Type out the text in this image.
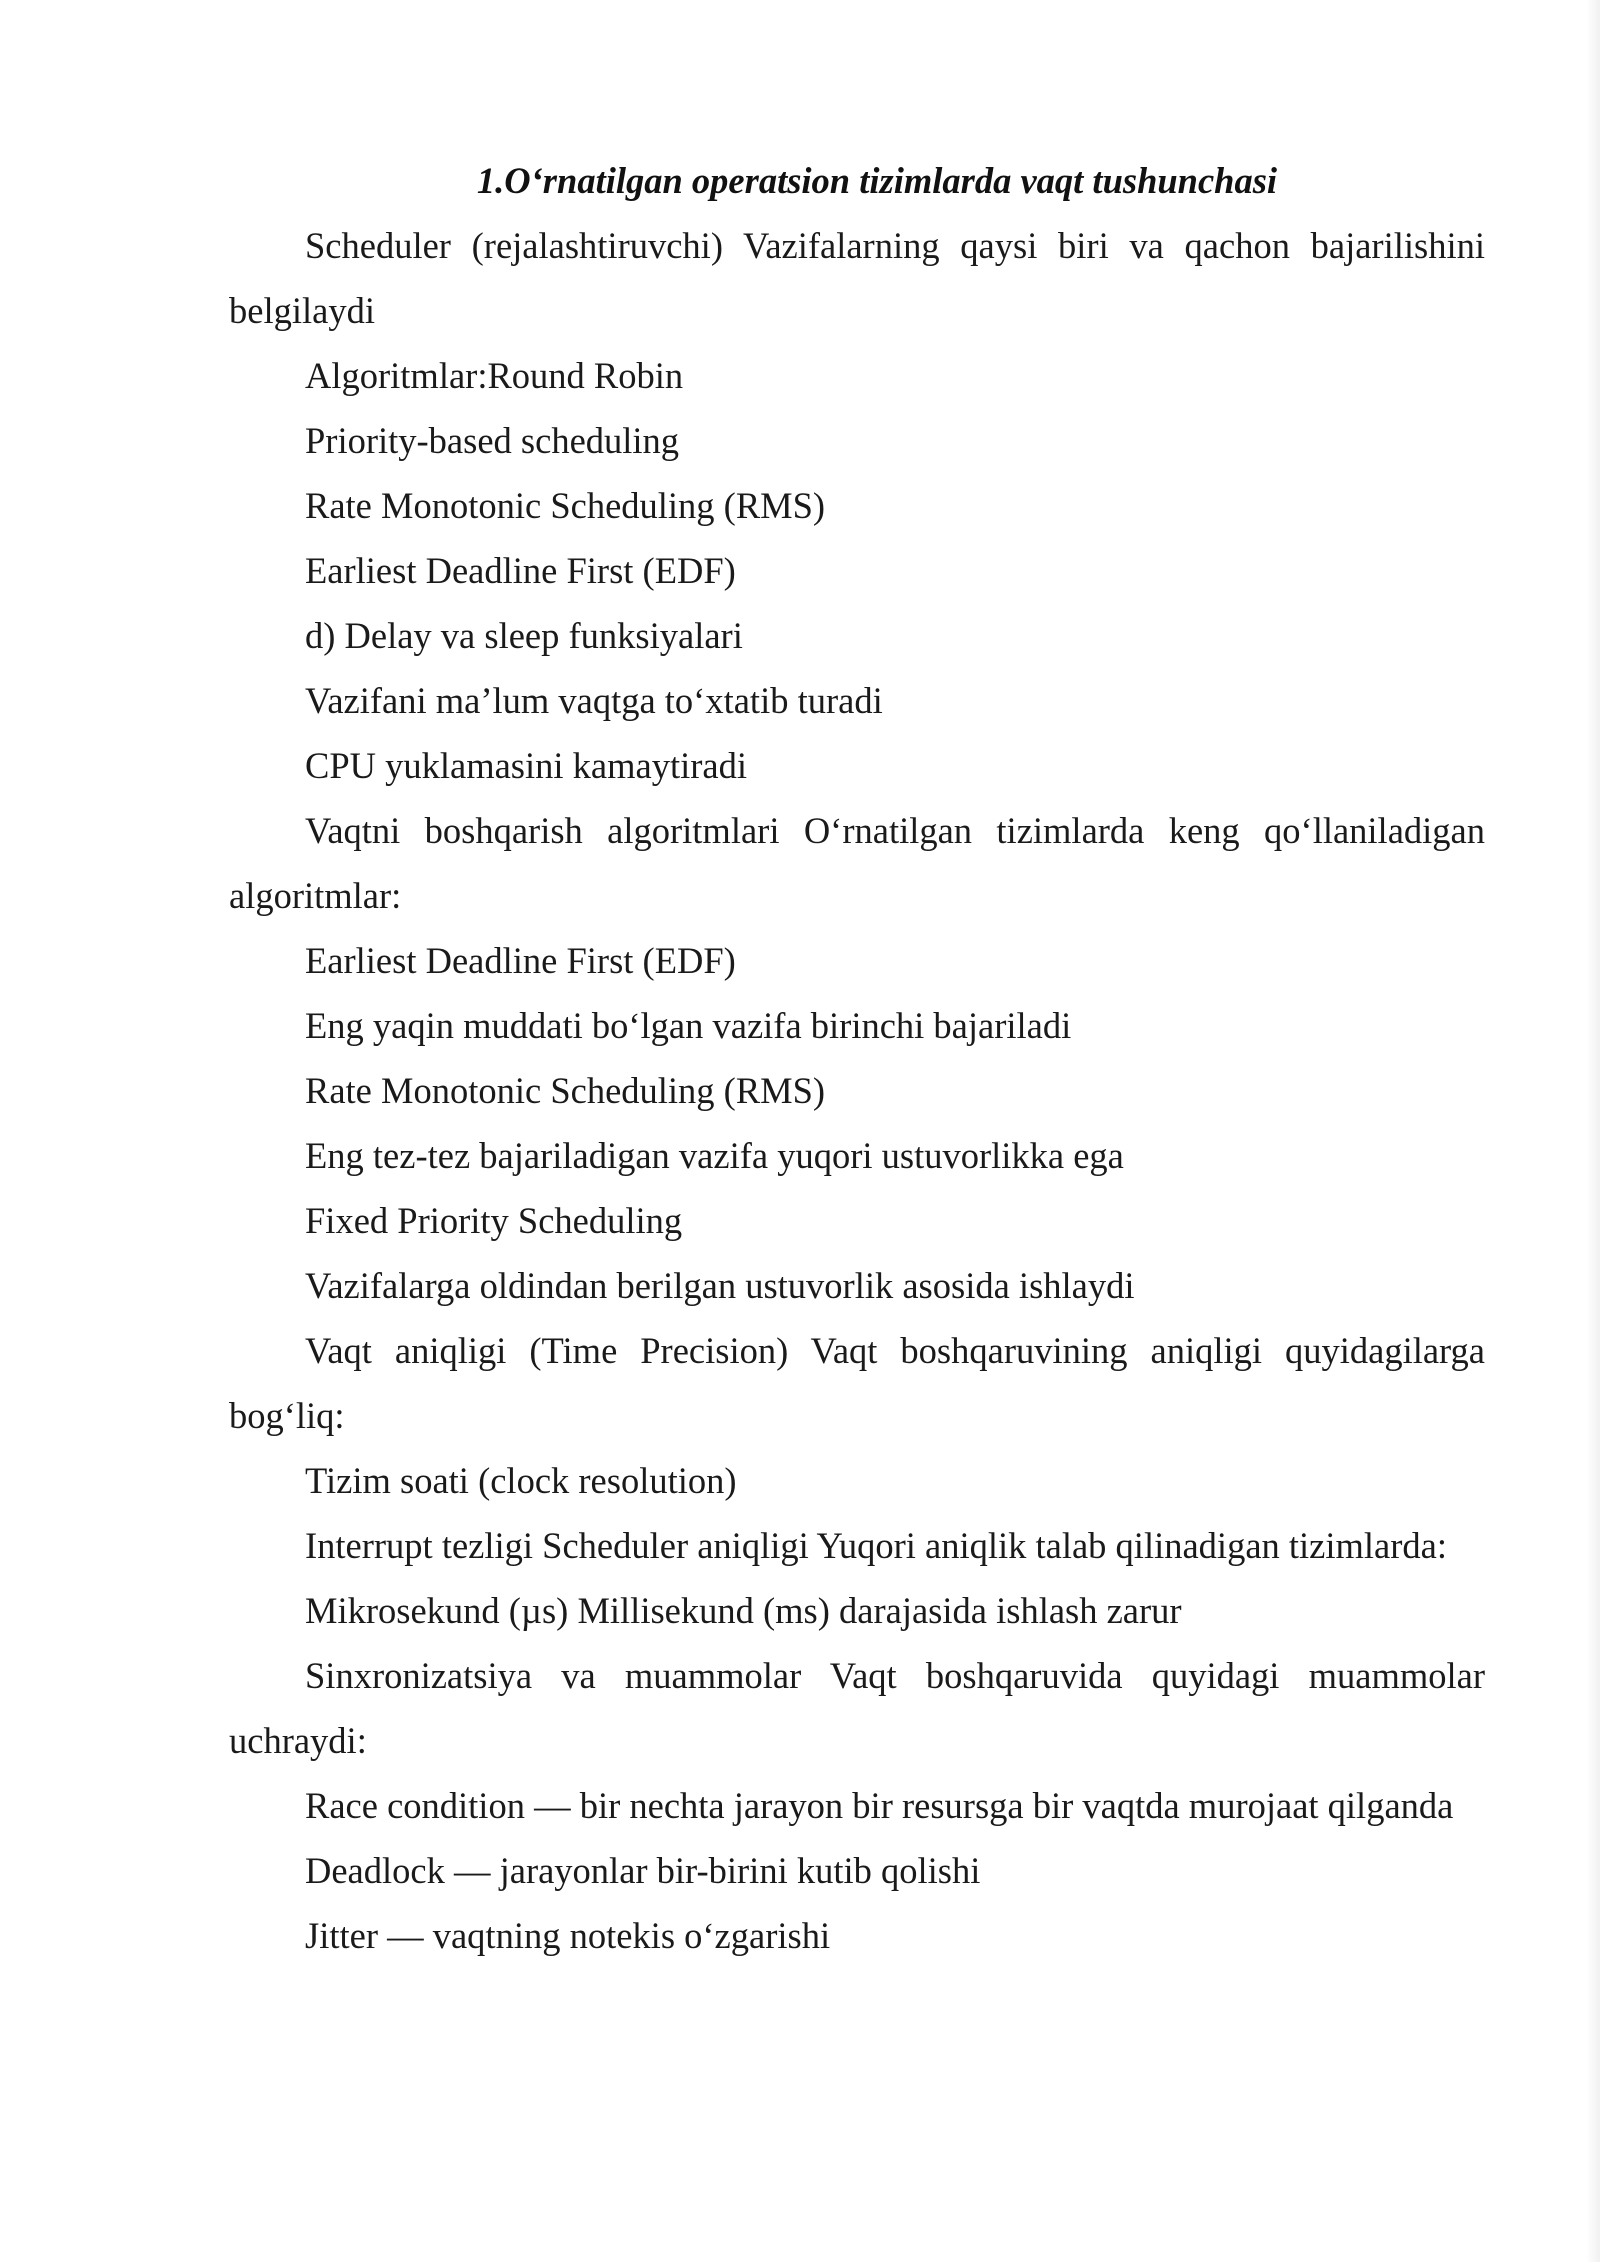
1.O‘rnatilgan operatsion tizimlarda vaqt tushunchasi

Scheduler (rejalashtiruvchi) Vazifalarning qaysi biri va qachon bajarilishini belgilaydi

Algoritmlar:Round Robin

Priority-based scheduling

Rate Monotonic Scheduling (RMS)

Earliest Deadline First (EDF)

d) Delay va sleep funksiyalari

Vazifani ma’lum vaqtga to‘xtatib turadi

CPU yuklamasini kamaytiradi

Vaqtni boshqarish algoritmlari O‘rnatilgan tizimlarda keng qo‘llaniladigan algoritmlar:

Earliest Deadline First (EDF)

Eng yaqin muddati bo‘lgan vazifa birinchi bajariladi

Rate Monotonic Scheduling (RMS)

Eng tez-tez bajariladigan vazifa yuqori ustuvorlikka ega

Fixed Priority Scheduling

Vazifalarga oldindan berilgan ustuvorlik asosida ishlaydi

Vaqt aniqligi (Time Precision) Vaqt boshqaruvining aniqligi quyidagilarga bog‘liq:

Tizim soati (clock resolution)

Interrupt tezligi Scheduler aniqligi Yuqori aniqlik talab qilinadigan tizimlarda:

Mikrosekund (µs) Millisekund (ms) darajasida ishlash zarur

Sinxronizatsiya va muammolar Vaqt boshqaruvida quyidagi muammolar uchraydi:

Race condition — bir nechta jarayon bir resursga bir vaqtda murojaat qilganda

Deadlock — jarayonlar bir-birini kutib qolishi

Jitter — vaqtning notekis o‘zgarishi
